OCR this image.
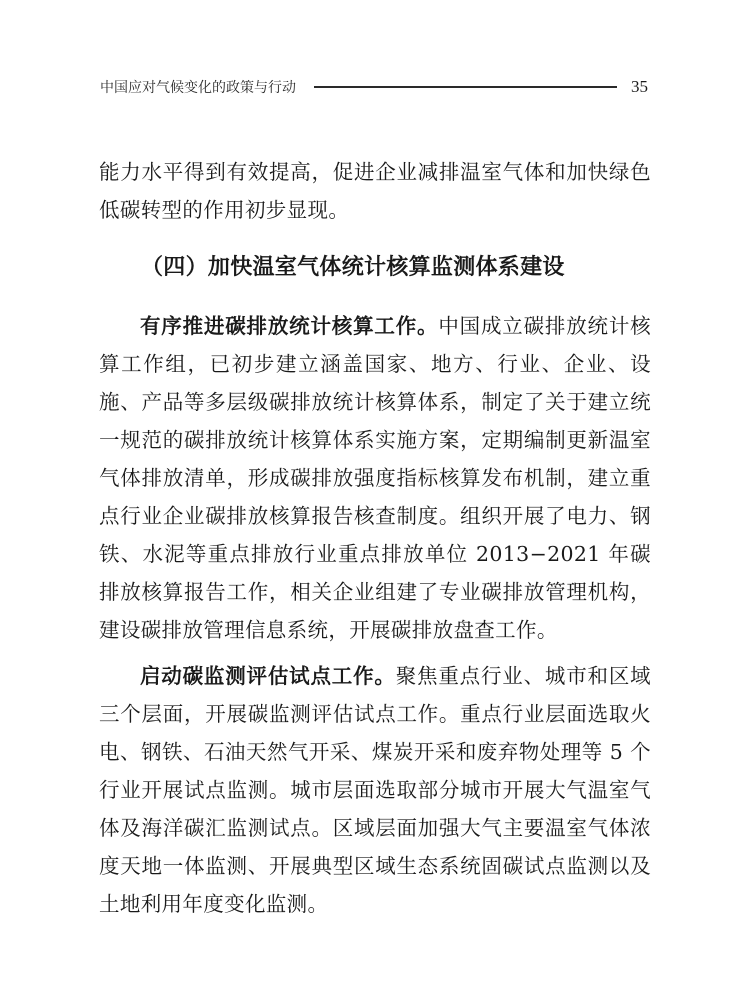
中国应对气候变化的政策与行动	35

能力水平得到有效提高，促进企业减排温室气体和加快绿色低碳转型的作用初步显现。

（四）加快温室气体统计核算监测体系建设

有序推进碳排放统计核算工作。中国成立碳排放统计核算工作组，已初步建立涵盖国家、地方、行业、企业、设施、产品等多层级碳排放统计核算体系，制定了关于建立统一规范的碳排放统计核算体系实施方案，定期编制更新温室气体排放清单，形成碳排放强度指标核算发布机制，建立重点行业企业碳排放核算报告核查制度。组织开展了电力、钢铁、水泥等重点排放行业重点排放单位 2013−2021 年碳排放核算报告工作，相关企业组建了专业碳排放管理机构，建设碳排放管理信息系统，开展碳排放盘查工作。

启动碳监测评估试点工作。聚焦重点行业、城市和区域三个层面，开展碳监测评估试点工作。重点行业层面选取火电、钢铁、石油天然气开采、煤炭开采和废弃物处理等 5 个行业开展试点监测。城市层面选取部分城市开展大气温室气体及海洋碳汇监测试点。区域层面加强大气主要温室气体浓度天地一体监测、开展典型区域生态系统固碳试点监测以及土地利用年度变化监测。
